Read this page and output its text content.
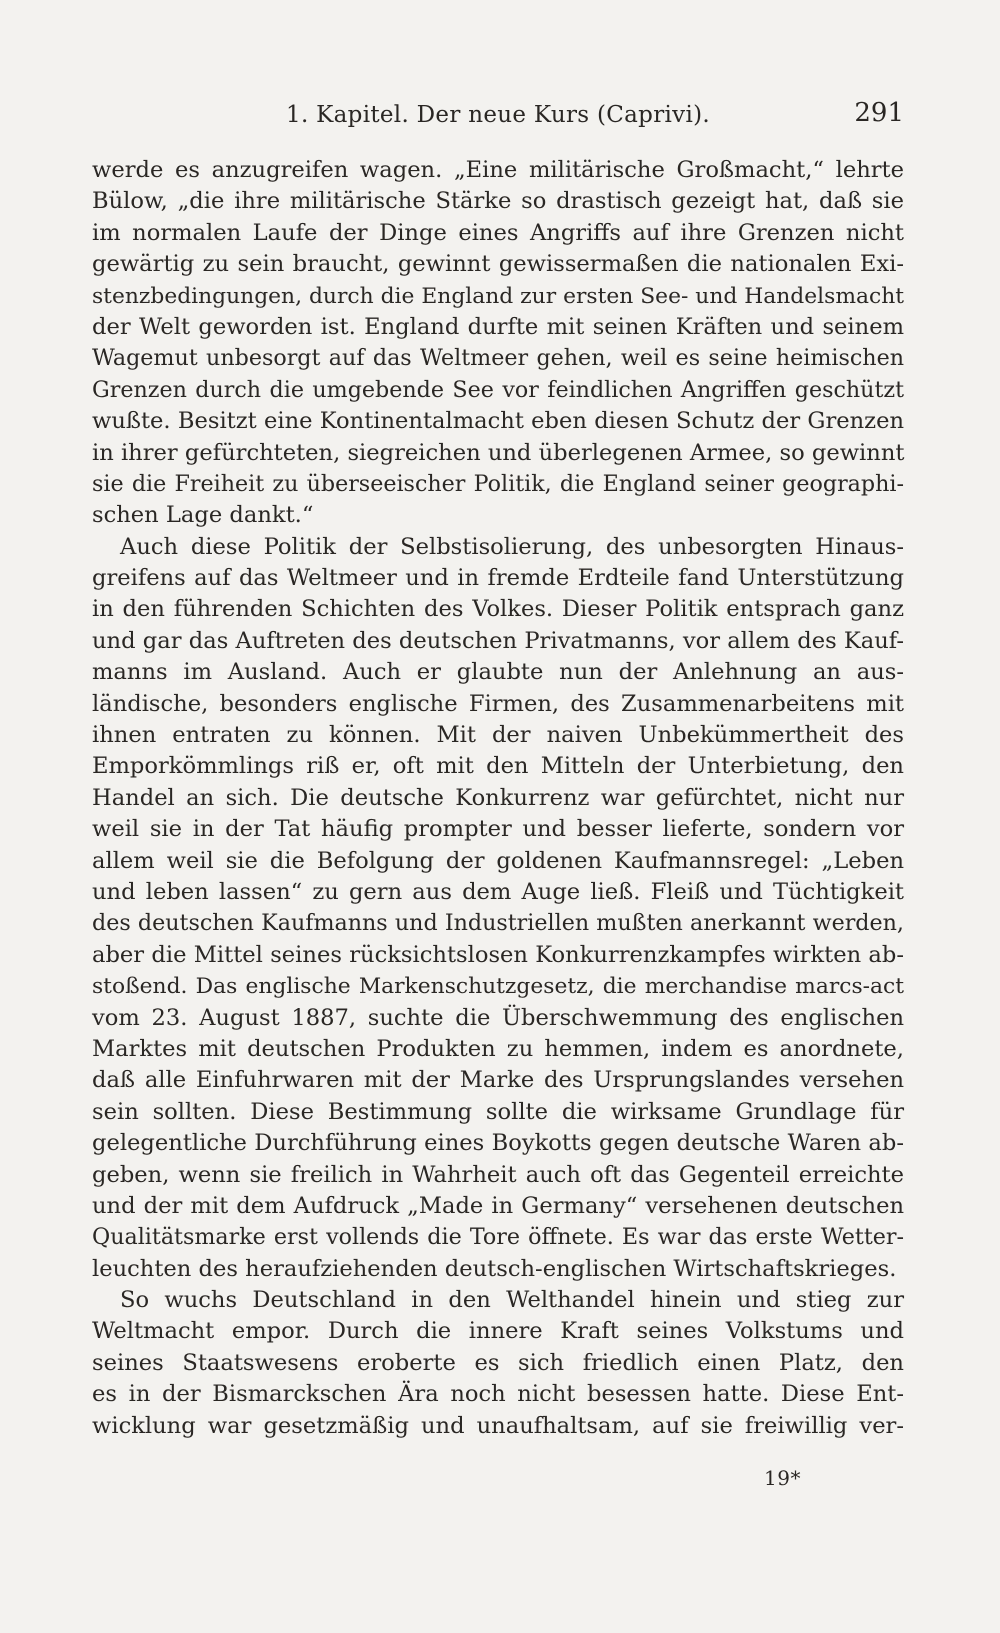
1. Kapitel. Der neue Kurs (Caprivi).	291
werde es anzugreifen wagen. „Eine militärische Großmacht,“ lehrte
Bülow, „die ihre militärische Stärke so drastisch gezeigt hat, daß sie
im normalen Laufe der Dinge eines Angriffs auf ihre Grenzen nicht
gewärtig zu sein braucht, gewinnt gewissermaßen die nationalen Exi-
stenzbedingungen, durch die England zur ersten See- und Handelsmacht
der Welt geworden ist. England durfte mit seinen Kräften und seinem
Wagemut unbesorgt auf das Weltmeer gehen, weil es seine heimischen
Grenzen durch die umgebende See vor feindlichen Angriffen geschützt
wußte. Besitzt eine Kontinentalmacht eben diesen Schutz der Grenzen
in ihrer gefürchteten, siegreichen und überlegenen Armee, so gewinnt
sie die Freiheit zu überseeischer Politik, die England seiner geographi-
schen Lage dankt.“
Auch diese Politik der Selbstisolierung, des unbesorgten Hinaus-
greifens auf das Weltmeer und in fremde Erdteile fand Unterstützung
in den führenden Schichten des Volkes. Dieser Politik entsprach ganz
und gar das Auftreten des deutschen Privatmanns, vor allem des Kauf-
manns im Ausland. Auch er glaubte nun der Anlehnung an aus-
ländische, besonders englische Firmen, des Zusammenarbeitens mit
ihnen entraten zu können. Mit der naiven Unbekümmertheit des
Emporkömmlings riß er, oft mit den Mitteln der Unterbietung, den
Handel an sich. Die deutsche Konkurrenz war gefürchtet, nicht nur
weil sie in der Tat häufig prompter und besser lieferte, sondern vor
allem weil sie die Befolgung der goldenen Kaufmannsregel: „Leben
und leben lassen“ zu gern aus dem Auge ließ. Fleiß und Tüchtigkeit
des deutschen Kaufmanns und Industriellen mußten anerkannt werden,
aber die Mittel seines rücksichtslosen Konkurrenzkampfes wirkten ab-
stoßend. Das englische Markenschutzgesetz, die merchandise marcs-act
vom 23. August 1887, suchte die Überschwemmung des englischen
Marktes mit deutschen Produkten zu hemmen, indem es anordnete,
daß alle Einfuhrwaren mit der Marke des Ursprungslandes versehen
sein sollten. Diese Bestimmung sollte die wirksame Grundlage für
gelegentliche Durchführung eines Boykotts gegen deutsche Waren ab-
geben, wenn sie freilich in Wahrheit auch oft das Gegenteil erreichte
und der mit dem Aufdruck „Made in Germany“ versehenen deutschen
Qualitätsmarke erst vollends die Tore öffnete. Es war das erste Wetter-
leuchten des heraufziehenden deutsch-englischen Wirtschaftskrieges.
So wuchs Deutschland in den Welthandel hinein und stieg zur
Weltmacht empor. Durch die innere Kraft seines Volkstums und
seines Staatswesens eroberte es sich friedlich einen Platz, den
es in der Bismarckschen Ära noch nicht besessen hatte. Diese Ent-
wicklung war gesetzmäßig und unaufhaltsam, auf sie freiwillig ver-
19*
